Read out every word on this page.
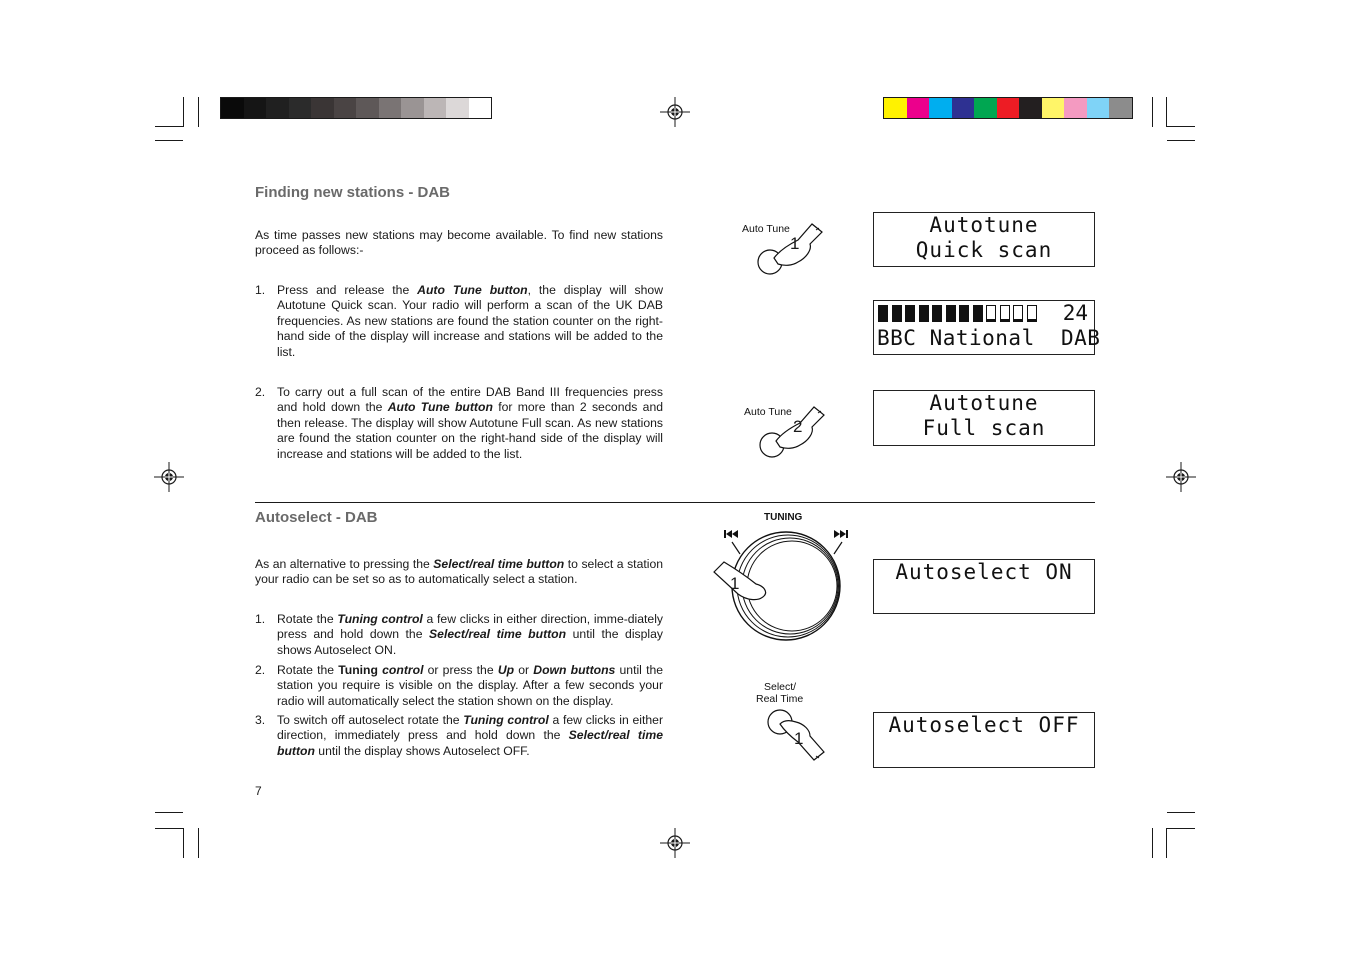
Finding new stations - DAB
As time passes new stations may become available. To find new stations proceed as follows:-
1. Press and release the Auto Tune button, the display will show Autotune Quick scan. Your radio will perform a scan of the UK DAB frequencies. As new stations are found the station counter on the right-hand side of the display will increase and stations will be added to the list.
2. To carry out a full scan of the entire DAB Band III frequencies press and hold down the Auto Tune button for more than 2 seconds and then release. The display will show Autotune Full scan. As new stations are found the station counter on the right-hand side of the display will increase and stations will be added to the list.
Autoselect - DAB
As an alternative to pressing the Select/real time button to select a station your radio can be set so as to automatically select a station.
1. Rotate the Tuning control a few clicks in either direction, imme-diately press and hold down the Select/real time button until the display shows Autoselect ON.
2. Rotate the Tuning control or press the Up or Down buttons until the station you require is visible on the display. After a few seconds your radio will automatically select the station shown on the display.
3. To switch off autoselect rotate the Tuning control a few clicks in either direction, immediately press and hold down the Select/real time button until the display shows Autoselect OFF.
7
Auto Tune
1
Auto Tune
2
TUNING
1
Select/
Real Time
1
Autotune
Quick scan
24
BBC National  DAB
Autotune
Full scan
Autoselect ON
Autoselect OFF
